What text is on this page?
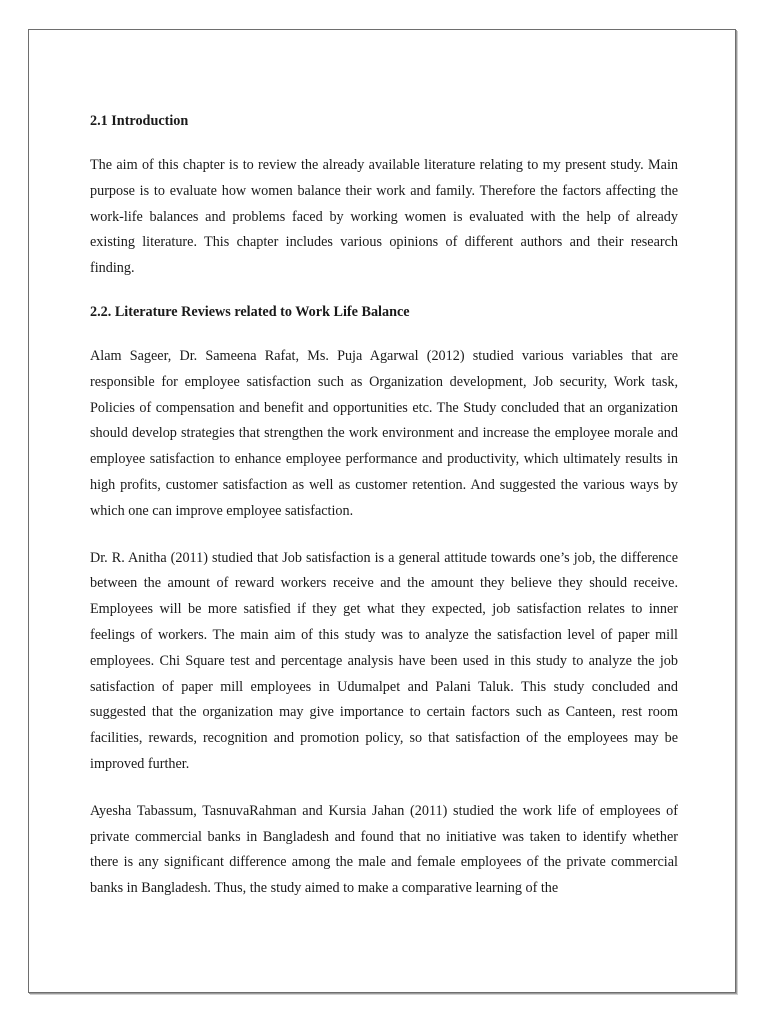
2.1 Introduction

The aim of this chapter is to review the already available literature relating to my present study. Main purpose is to evaluate how women balance their work and family. Therefore the factors affecting the work-life balances and problems faced by working women is evaluated with the help of already existing literature. This chapter includes various opinions of different authors and their research finding.

2.2. Literature Reviews related to Work Life Balance

Alam Sageer, Dr. Sameena Rafat, Ms. Puja Agarwal (2012) studied various variables that are responsible for employee satisfaction such as Organization development, Job security, Work task, Policies of compensation and benefit and opportunities etc. The Study concluded that an organization should develop strategies that strengthen the work environment and increase the employee morale and employee satisfaction to enhance employee performance and productivity, which ultimately results in high profits, customer satisfaction as well as customer retention. And suggested the various ways by which one can improve employee satisfaction.

Dr. R. Anitha (2011) studied that Job satisfaction is a general attitude towards one’s job, the difference between the amount of reward workers receive and the amount they believe they should receive. Employees will be more satisfied if they get what they expected, job satisfaction relates to inner feelings of workers. The main aim of this study was to analyze the satisfaction level of paper mill employees. Chi Square test and percentage analysis have been used in this study to analyze the job satisfaction of paper mill employees in Udumalpet and Palani Taluk. This study concluded and suggested that the organization may give importance to certain factors such as Canteen, rest room facilities, rewards, recognition and promotion policy, so that satisfaction of the employees may be improved further.

Ayesha Tabassum, TasnuvaRahman and Kursia Jahan (2011) studied the work life of employees of private commercial banks in Bangladesh and found that no initiative was taken to identify whether there is any significant difference among the male and female employees of the private commercial banks in Bangladesh. Thus, the study aimed to make a comparative learning of the
